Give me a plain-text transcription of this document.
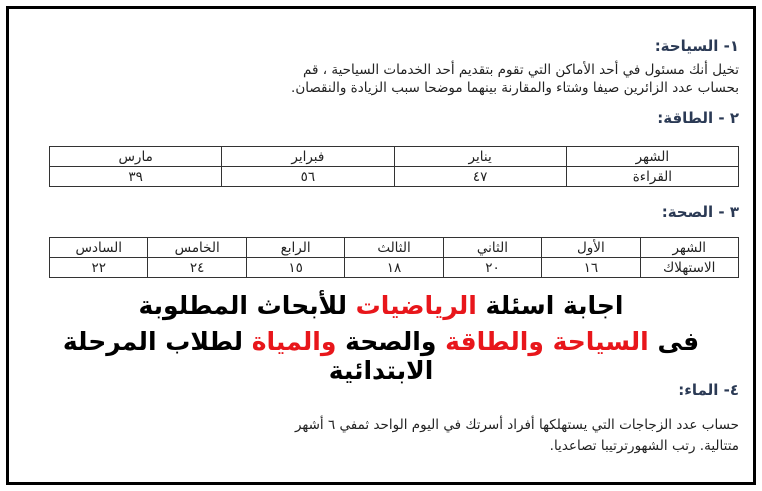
١- السياحة:
تخيل أنك مسئول في أحد الأماكن التي تقوم بتقديم أحد الخدمات السياحية ، قم
بحساب عدد الزائرين صيفا وشتاء والمقارنة بينهما موضحا سبب الزيادة والنقصان.
٢ - الطاقة:
الشهر	يناير	فبراير	مارس
القراءة	٤٧	٥٦	٣٩
٣ - الصحة:
الشهر	الأول	الثاني	الثالث	الرابع	الخامس	السادس
الاستهلاك	١٦	٢٠	١٨	١٥	٢٤	٢٢
اجابة اسئلة الرياضيات للأبحاث المطلوبة
فى السياحة والطاقة والصحة والمياة لطلاب المرحلة الابتدائية
٤- الماء:
حساب عدد الزجاجات التي يستهلكها أفراد أسرتك في اليوم الواحد ثمفي ٦ أشهر
متتالية. رتب الشهورترتيبا تصاعديا.
